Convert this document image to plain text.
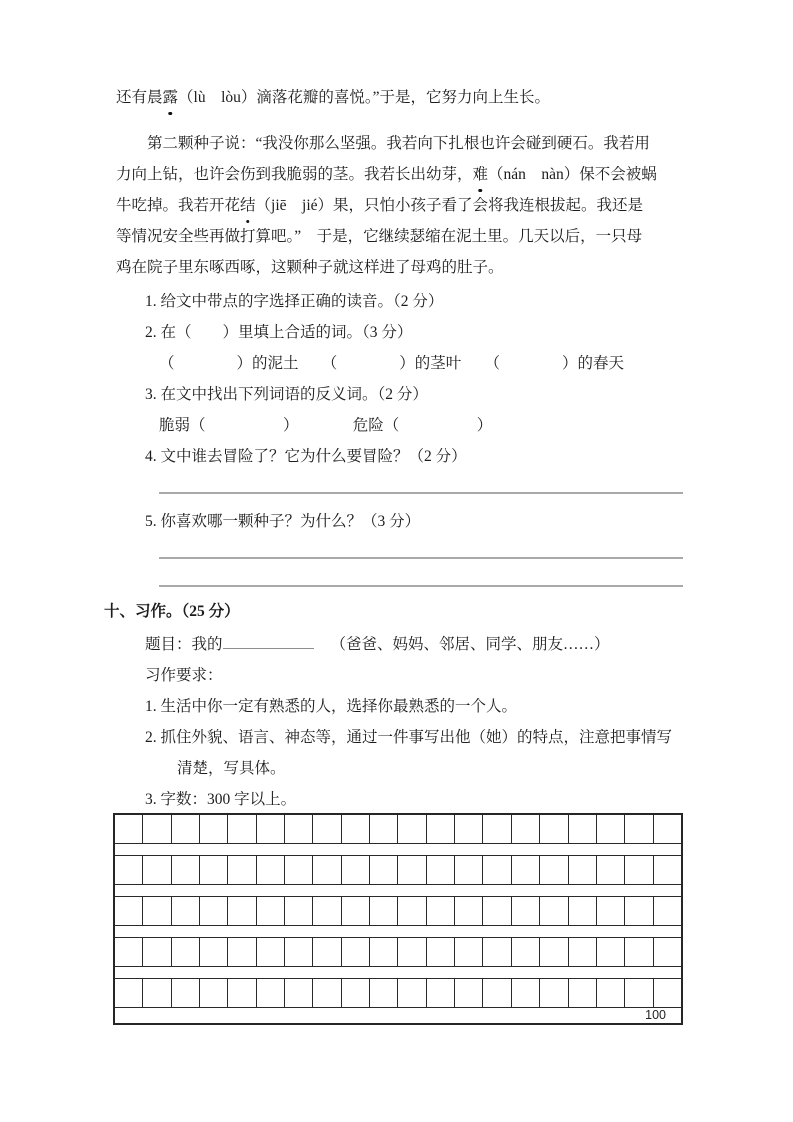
还有晨露（lù　lòu）滴落花瓣的喜悦。”于是，它努力向上生长。
第二颗种子说：“我没你那么坚强。我若向下扎根也许会碰到硬石。我若用
力向上钻，也许会伤到我脆弱的茎。我若长出幼芽，难（nán　nàn）保不会被蜗
牛吃掉。我若开花结（jiē　jié）果，只怕小孩子看了会将我连根拔起。我还是
等情况安全些再做打算吧。”　于是，它继续瑟缩在泥土里。几天以后，一只母
鸡在院子里东啄西啄，这颗种子就这样进了母鸡的肚子。
1. 给文中带点的字选择正确的读音。（2 分）
2. 在（　　）里填上合适的词。（3 分）
（　　　　）的泥土　　（　　　　）的茎叶　　（　　　　）的春天
3. 在文中找出下列词语的反义词。（2 分）
脆弱（　　　　　）　　　　危险（　　　　　）
4. 文中谁去冒险了？它为什么要冒险？（2 分）
5. 你喜欢哪一颗种子？为什么？（3 分）
十、习作。（25 分）
题目：我的	（爸爸、妈妈、邻居、同学、朋友……）
习作要求：
1. 生活中你一定有熟悉的人，选择你最熟悉的一个人。
2. 抓住外貌、语言、神态等，通过一件事写出他（她）的特点，注意把事情写清楚，写具体。
3. 字数：300 字以上。
100
